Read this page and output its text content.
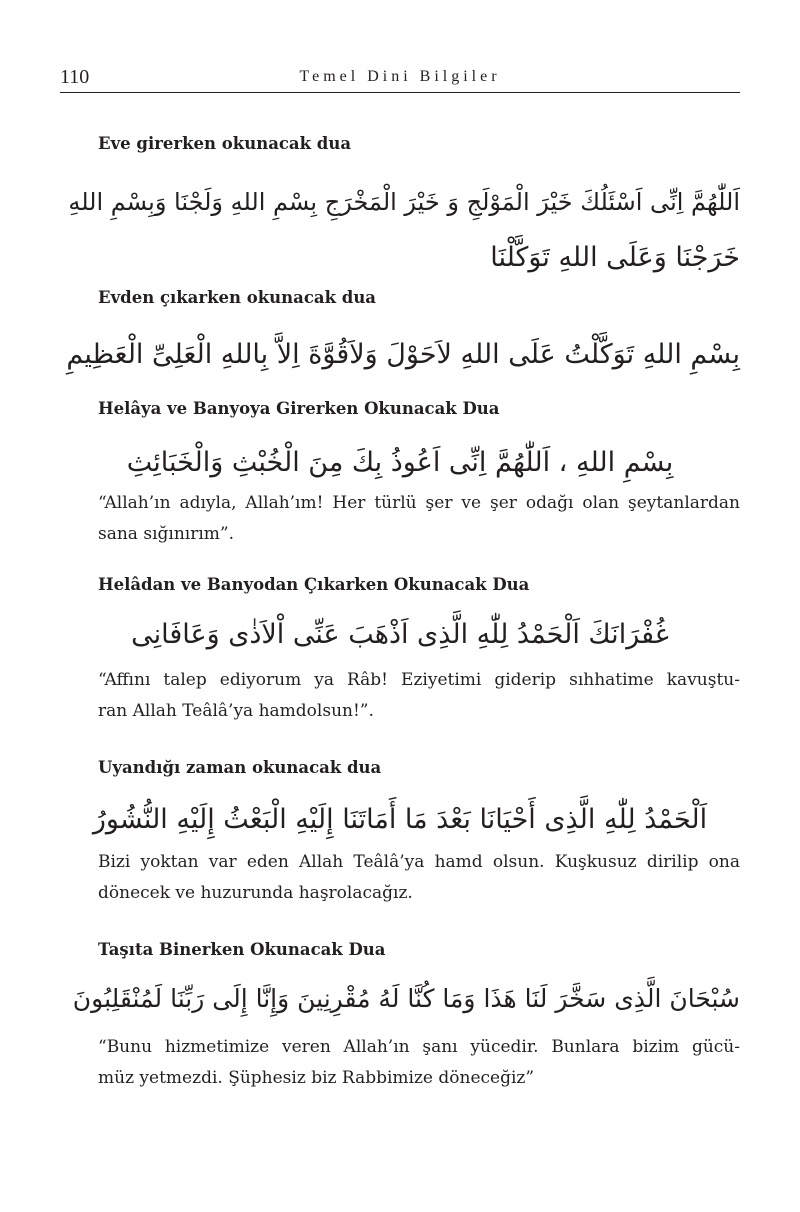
110	Temel Dini Bilgiler
Eve girerken okunacak dua
اَللّٰهُمَّ اِنِّى اَسْئَلُكَ خَيْرَ الْمَوْلَجِ وَ خَيْرَ الْمَخْرَجِ بِسْمِ اللهِ وَلَجْنَا وَبِسْمِ اللهِ
خَرَجْنَا وَعَلَى اللهِ تَوَكَّلْنَا
Evden çıkarken okunacak dua
بِسْمِ اللهِ تَوَكَّلْتُ عَلَى اللهِ لاَحَوْلَ وَلاَقُوَّةَ اِلاَّ بِاللهِ الْعَلِىِّ الْعَظِيمِ
Helâya ve Banyoya Girerken Okunacak Dua
بِسْمِ اللهِ ، اَللّٰهُمَّ اِنِّى اَعُوذُ بِكَ مِنَ الْخُبْثِ وَالْخَبَائِثِ
“Allah’ın adıyla, Allah’ım! Her türlü şer ve şer odağı olan şeytanlardan
sana sığınırım”.
Helâdan ve Banyodan Çıkarken Okunacak Dua
غُفْرَانَكَ اَلْحَمْدُ لِلّٰهِ الَّذِى اَذْهَبَ عَنِّى اْلاَذٰى وَعَافَانِى
“Affını talep ediyorum ya Râb! Eziyetimi giderip sıhhatime kavuştu-
ran Allah Teâlâ’ya hamdolsun!”.
Uyandığı zaman okunacak dua
اَلْحَمْدُ لِلّٰهِ الَّذِى أَحْيَانَا بَعْدَ مَا أَمَاتَنَا إِلَيْهِ الْبَعْثُ إِلَيْهِ النُّشُورُ
Bizi yoktan var eden Allah Teâlâ’ya hamd olsun. Kuşkusuz dirilip ona
dönecek ve huzurunda haşrolacağız.
Taşıta Binerken Okunacak Dua
سُبْحَانَ الَّذِى سَخَّرَ لَنَا هَذَا وَمَا كُنَّا لَهُ مُقْرِنِينَ وَإِنَّا إِلَى رَبِّنَا لَمُنْقَلِبُونَ
“Bunu hizmetimize veren Allah’ın şanı yücedir. Bunlara bizim gücü-
müz yetmezdi. Şüphesiz biz Rabbimize döneceğiz”
